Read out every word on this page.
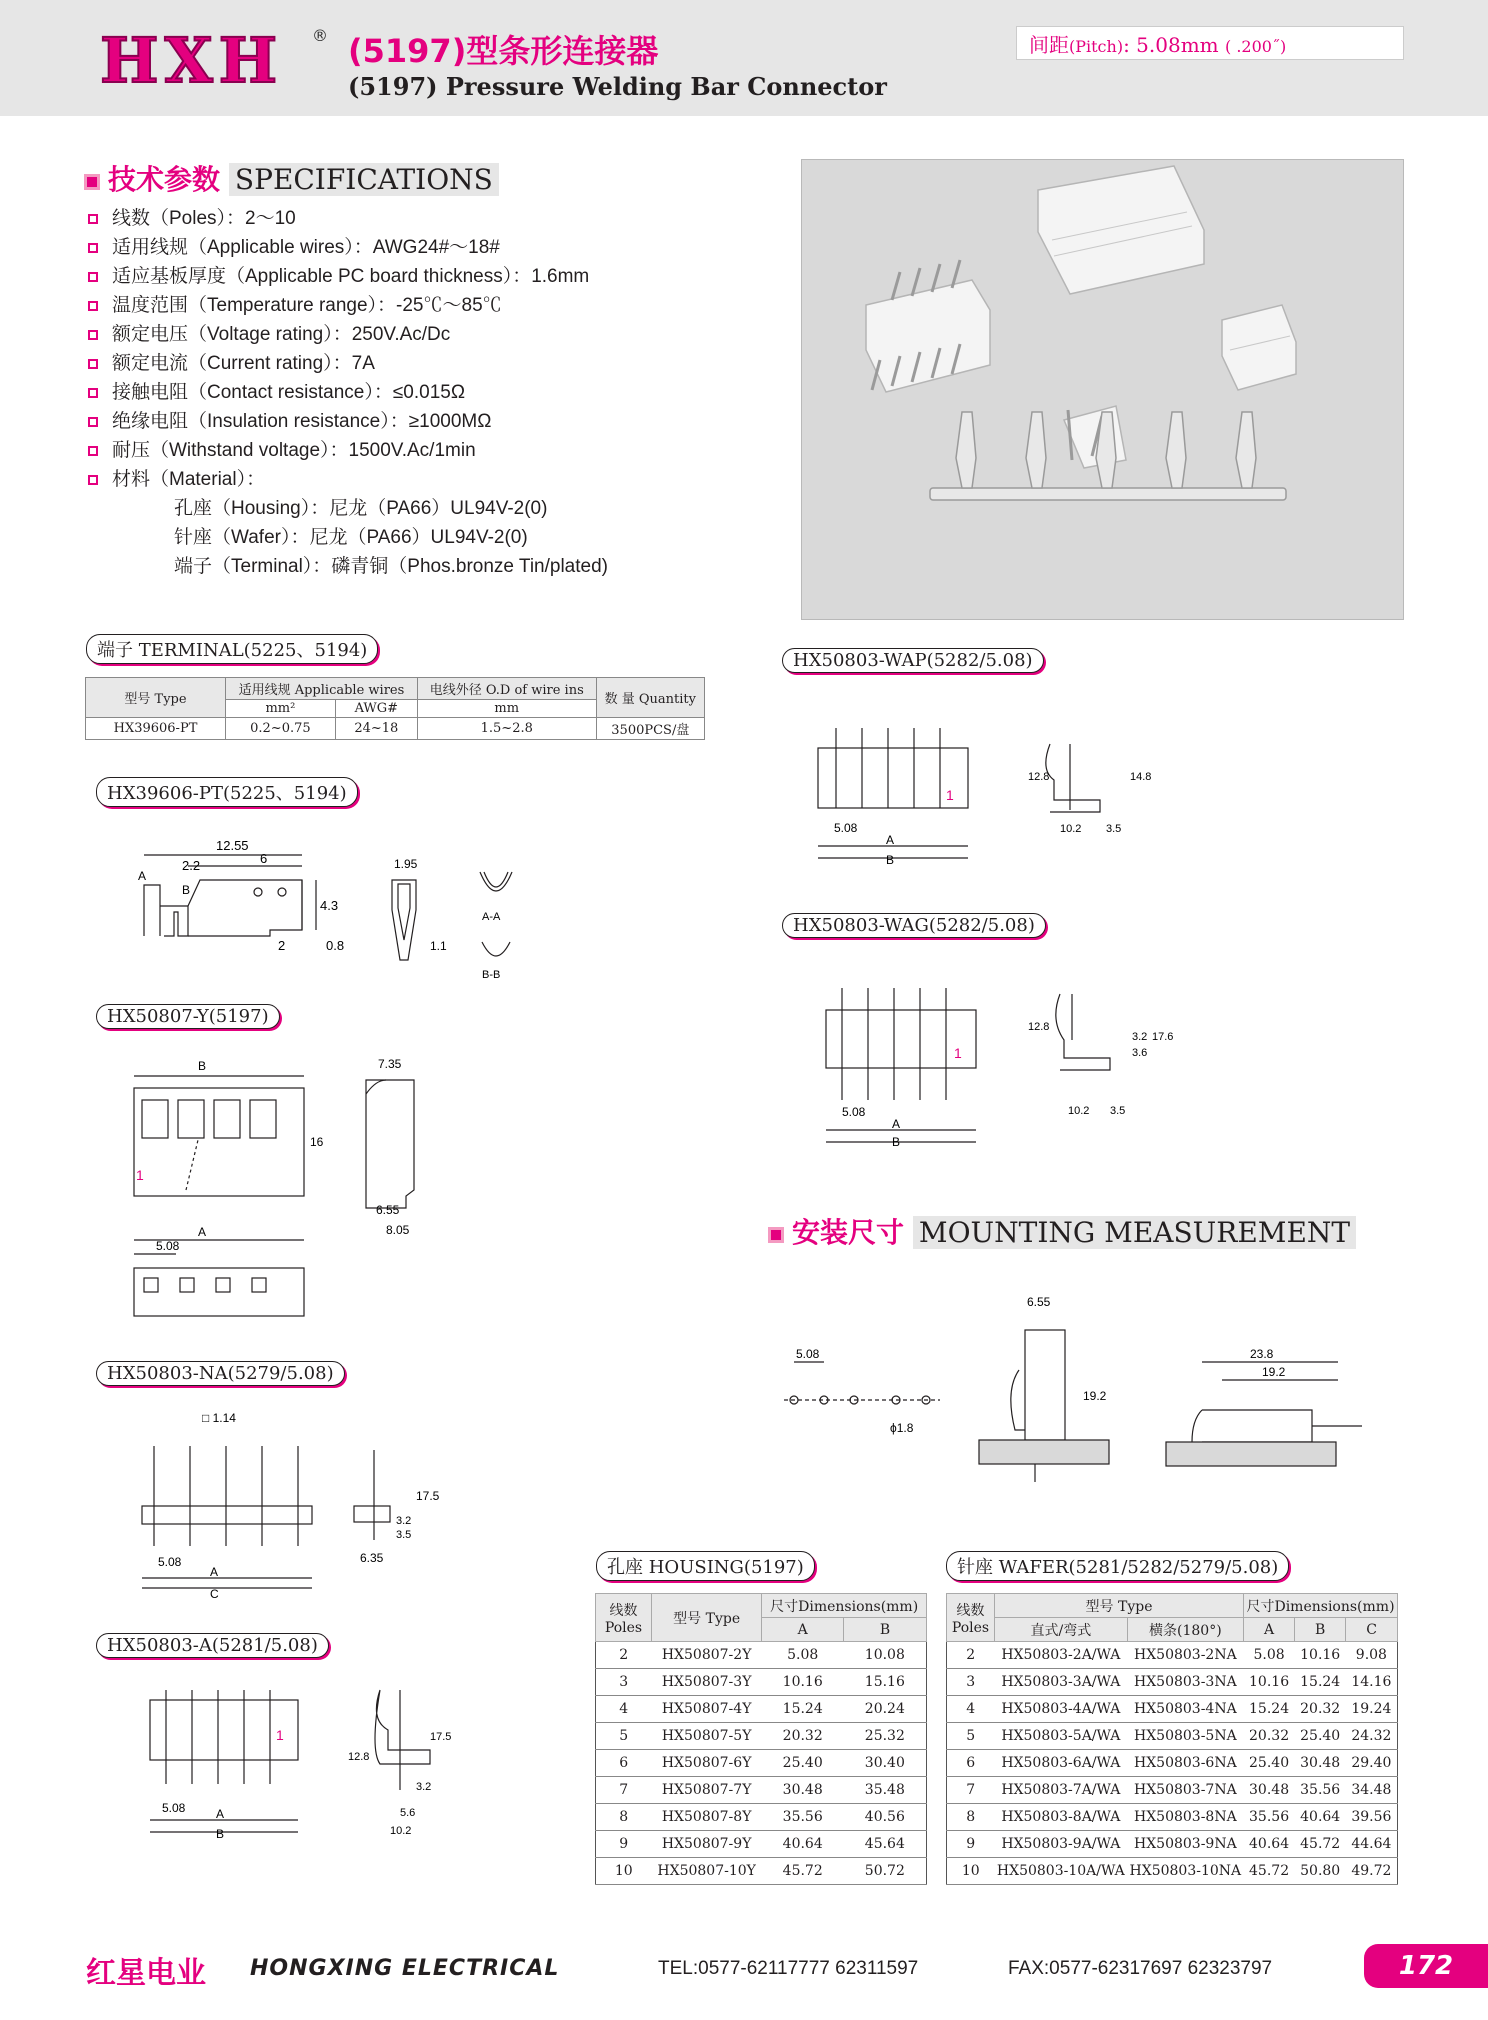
HXH ® (5197)型条形连接器
(5197) Pressure Welding Bar Connector
间距(Pitch): 5.08mm ( .200˝)
技术参数 SPECIFICATIONS
线数（Poles）：2～10
适用线规（Applicable wires）：AWG24#～18#
适应基板厚度（Applicable PC board thickness）：1.6mm
温度范围（Temperature range）：-25℃～85℃
额定电压（Voltage rating）：250V.Ac/Dc
额定电流（Current rating）：7A
接触电阻（Contact resistance）：≤0.015Ω
绝缘电阻（Insulation resistance）：≥1000MΩ
耐压（Withstand voltage）：1500V.Ac/1min
材料（Material）：
孔座（Housing）：尼龙（PA66）UL94V-2(0)
针座（Wafer）：尼龙（PA66）UL94V-2(0)
端子（Terminal）：磷青铜（Phos.bronze Tin/plated)
端子 TERMINAL(5225、5194)
型号 Type	适用线规 Applicable wires		电线外径 O.D of wire ins	数 量 Quantity
	mm²	AWG#	mm	
HX39606-PT	0.2~0.75	24~18	1.5~2.8	3500PCS/盘
HX39606-PT(5225、5194)
HX50807-Y(5197)
HX50803-NA(5279/5.08)
HX50803-A(5281/5.08)
HX50803-WAP(5282/5.08)
HX50803-WAG(5282/5.08)
安装尺寸 MOUNTING MEASUREMENT
12.55
2.2	6
4.3
2	0.8
A
B
1.95
1.1
A-A
B-B
B
1
16
7.35
6.55
8.05
A
5.08
□ 1.14
5.08
A
C
17.5
3.2
3.5
6.35
1
5.08	A
B
12.8
17.5
3.2
5.6
10.2
1
5.08
A
B
12.8	14.8
10.2 3.5
1
5.08
A
B
12.8
3.6
3.2 17.6
10.2 3.5
5.08
ϕ1.8
6.55
19.2
23.8
19.2
孔座 HOUSING(5197)
线数 Poles	型号 Type	尺寸Dimensions(mm)	
		A	B
2	HX50807-2Y	5.08	10.08
3	HX50807-3Y	10.16	15.16
4	HX50807-4Y	15.24	20.24
5	HX50807-5Y	20.32	25.32
6	HX50807-6Y	25.40	30.40
7	HX50807-7Y	30.48	35.48
8	HX50807-8Y	35.56	40.56
9	HX50807-9Y	40.64	45.64
10	HX50807-10Y	45.72	50.72
针座 WAFER(5281/5282/5279/5.08)
线数 Poles	型号 Type		尺寸Dimensions(mm)		
	直式/弯式	横条(180°)	A	B	C
2	HX50803-2A/WA	HX50803-2NA	5.08	10.16	9.08
3	HX50803-3A/WA	HX50803-3NA	10.16	15.24	14.16
4	HX50803-4A/WA	HX50803-4NA	15.24	20.32	19.24
5	HX50803-5A/WA	HX50803-5NA	20.32	25.40	24.32
6	HX50803-6A/WA	HX50803-6NA	25.40	30.48	29.40
7	HX50803-7A/WA	HX50803-7NA	30.48	35.56	34.48
8	HX50803-8A/WA	HX50803-8NA	35.56	40.64	39.56
9	HX50803-9A/WA	HX50803-9NA	40.64	45.72	44.64
10	HX50803-10A/WA	HX50803-10NA	45.72	50.80	49.72
红星电业 HONGXING ELECTRICAL	TEL:0577-62117777 62311597	FAX:0577-62317697 62323797	172
